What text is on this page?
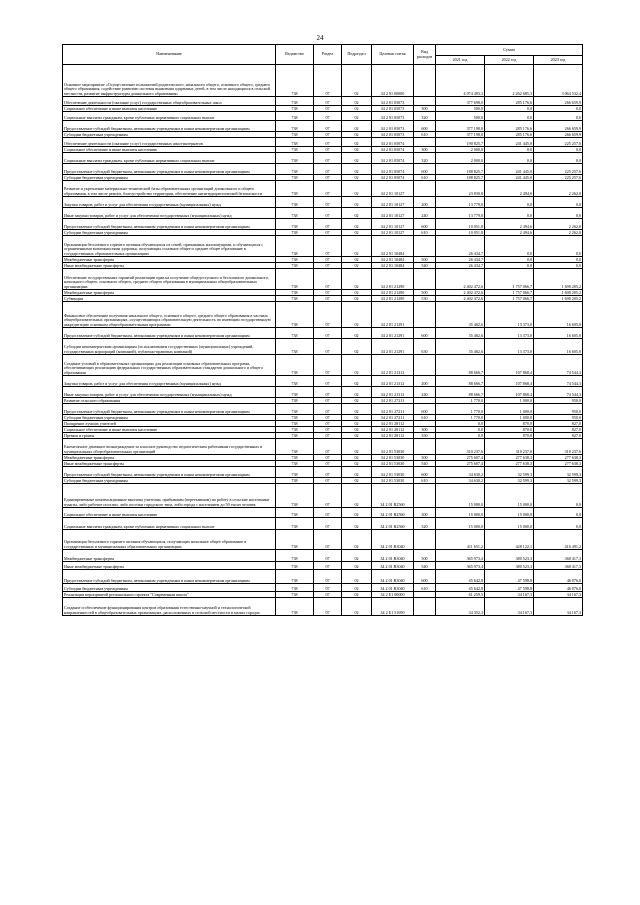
24
Наименование	Ведомство	Раздел	Подраздел	Целевая статья	Вид расходов	Сумма		
						2021 год	2022 год	2023 год
Основное мероприятие «Осуществление полномочий родительского, начального общего, основного общего, среднего общего образования, содействие развитию системы выявления одаренных детей, в том числе находящихся в сельской местности, развитие инфраструктуры дошкольного образования»	738	07	02	34 2 01 00000		4 074 493,3	2 262 685,3	3 064 532,4
Обеспечение деятельности (оказание услуг) государственных общеобразовательных школ	738	07	02	34 2 01 05073		377 698,0	285 176,6	266 659,9
Социальное обеспечение и иные выплаты населению	738	07	02	34 2 01 05073	300	500,0	0,0	0,0
Социальные выплаты гражданам, кроме публичных нормативных социальных выплат	738	07	02	34 2 01 05073	320	500,0	0,0	0,0
Предоставление субсидий бюджетным, автономным учреждениям и иным некоммерческим организациям	738	07	02	34 2 01 05073	600	377 198,0	285 176,6	266 659,9
Субсидии бюджетным учреждениям	738	07	02	34 2 01 05073	610	377 198,0	285 176,6	266 659,9
Обеспечение деятельности (оказание услуг) государственных школ-интернатов	738	07	02	34 2 01 05074		190 825,7	241 445,0	225 257,6
Социальное обеспечение и иные выплаты населению	738	07	02	34 2 01 05074	300	2 000,0	0,0	0,0
Социальные выплаты гражданам, кроме публичных нормативных социальных выплат	738	07	02	34 2 01 05074	320	2 000,0	0,0	0,0
Предоставление субсидий бюджетным, автономным учреждениям и иным некоммерческим организациям	738	07	02	34 2 01 05074	600	188 825,7	241 445,0	225 257,6
Субсидии бюджетным учреждениям	738	07	02	34 2 01 05074	610	188 825,7	241 445,0	225 257,6
Развитие и укрепление материально-технической базы образовательных организаций дошкольного и общего образования, в том числе ремонт, благоустройство территории, обеспечение антитеррористической безопасности	738	07	02	34 2 01 10127		23 830,8	2 494,6	2 262,0
Закупка товаров, работ и услуг для обеспечения государственных (муниципальных) нужд	738	07	02	34 2 01 10127	200	13 779,0	0,0	0,0
Иные закупки товаров, работ и услуг для обеспечения государственных (муниципальных) нужд	738	07	02	34 2 01 10127	240	13 779,0	0,0	0,0
Предоставление субсидий бюджетным, автономным учреждениям и иным некоммерческим организациям	738	07	02	34 2 01 10127	600	10 051,8	2 494,6	2 262,0
Субсидии бюджетным учреждениям	738	07	02	34 2 01 10127	610	10 051,8	2 494,6	2 262,0
Организация бесплатного горячего питания обучающихся из семей, признанных малоимущими, и обучающихся с ограниченными возможностями здоровья, получающих основное общее и среднее общее образование в государственных образовательных организациях	738	07	02	34 2 01 10484		26 434,7	0,0	0,0
Межбюджетные трансферты	738	07	02	34 2 01 10484	500	26 434,7	0,0	0,0
Иные межбюджетные трансферты	738	07	02	34 2 01 10484	540	26 434,7	0,0	0,0
Обеспечение государственных гарантий реализации прав на получение общедоступного и бесплатного дошкольного, начального общего, основного общего, среднего общего образования в муниципальных общеобразовательных организациях	738	07	02	34 2 01 21290		2 402 472,6	1 757 066,7	1 690 205,2
Межбюджетные трансферты	738	07	02	34 2 01 21290	500	2 402 472,6	1 757 066,7	1 690 205,2
Субвенции	738	07	02	34 2 01 21290	530	2 402 472,6	1 757 066,7	1 690 205,2
Финансовое обеспечение получения начального общего, основного общего, среднего общего образования в частных общеобразовательных организациях, осуществляющих образовательную деятельность по имеющим государственную аккредитацию основным общеобразовательным программам	738	07	02	34 2 01 21291		35 462,6	13 373,0	16 605,0
Предоставление субсидий бюджетным, автономным учреждениям и иным некоммерческим организациям	738	07	02	34 2 01 21291	600	35 462,6	13 373,0	16 605,0
Субсидии некоммерческим организациям (за исключением государственных (муниципальных) учреждений, государственных корпораций (компаний), публично-правовых компаний)	738	07	02	34 2 01 21291	630	35 462,6	13 373,0	16 605,0
Создание условий в образовательных организациях для реализации основных образовательных программ, обеспечивающих реализацию федеральных государственных образовательных стандартов дошкольного и общего образования	738	07	02	34 2 01 21312		88 666,7	107 868,4	74 544,3
Закупка товаров, работ и услуг для обеспечения государственных (муниципальных) нужд	738	07	02	34 2 01 21312	200	88 666,7	107 868,4	74 544,3
Иные закупки товаров, работ и услуг для обеспечения государственных (муниципальных) нужд	738	07	02	34 2 01 21312	240	88 666,7	107 868,4	74 544,3
Развитие сельского образования	738	07	02	34 2 01 27211		1 770,0	1 000,0	950,0
Предоставление субсидий бюджетным, автономным учреждениям и иным некоммерческим организациям	738	07	02	34 2 01 27211	600	1 770,0	1 000,0	950,0
Субсидии бюджетным учреждениям	738	07	02	34 2 01 27211	610	1 770,0	1 000,0	950,0
Поощрение лучших учителей	738	07	02	34 2 01 28112		0,0	870,0	827,0
Социальное обеспечение и иные выплаты населению	738	07	02	34 2 01 28112	300	0,0	870,0	827,0
Премии и гранты	738	07	02	34 2 01 28112	350	0,0	870,0	827,0
Ежемесячное денежное вознаграждение за классное руководство педагогическим работникам государственных и муниципальных общеобразовательных организаций	738	07	02	34 2 01 53030		310 237,6	310 237,6	310 237,6
Межбюджетные трансферты	738	07	02	34 2 01 53030	500	275 607,4	277 638,3	277 638,3
Иные межбюджетные трансферты	738	07	02	34 2 01 53030	540	275 607,4	277 638,3	277 638,3
Предоставление субсидий бюджетным, автономным учреждениям и иным некоммерческим организациям	738	07	02	34 2 01 53030	600	34 630,2	32 599,3	32 599,3
Субсидии бюджетным учреждениям	738	07	02	34 2 01 53030	610	34 630,2	32 599,3	32 599,3
Единовременные компенсационные выплаты учителям, прибывшим (переехавшим) на работу в сельские населенные пункты, либо рабочие поселки, либо поселки городского типа, либо города с населением до 50 тысяч человек	738	07	02	34 2 01 R2560		15 000,0	15 000,0	0,0
Социальное обеспечение и иные выплаты населению	738	07	02	34 2 01 R2560	300	15 000,0	15 000,0	0,0
Социальные выплаты гражданам, кроме публичных нормативных социальных выплат	738	07	02	34 2 01 R2560	320	15 000,0	15 000,0	0,0
Организация бесплатного горячего питания обучающихся, получающих начальное общее образование в государственных и муниципальных образовательных организациях	738	07	02	34 2 01 R3040		411 651,2	428 122,1	416 491,2
Межбюджетные трансферты	738	07	02	34 2 01 R3040	500	365 973,4	380 523,3	368 417,3
Иные межбюджетные трансферты	738	07	02	34 2 01 R3040	540	365 973,4	380 523,3	368 417,3
Предоставление субсидий бюджетным, автономным учреждениям и иным некоммерческим организациям	738	07	02	34 2 01 R3040	600	45 642,8	47 598,8	46 076,0
Субсидии бюджетным учреждениям	738	07	02	34 2 01 R3040	610	45 642,8	47 598,8	46 076,0
Реализация мероприятий регионального проекта "Современная школа"	738	07	02	34 2 E1 00000		61 259,5	34 167,3	34 167,3
Создание и обеспечение функционирования центров образования естественно-научной и технологической направленностей в общеобразовательных организациях, расположенных в сельской местности и малых городах	738	07	02	34 2 E1 51690		34 352,3	34 167,3	34 167,3
